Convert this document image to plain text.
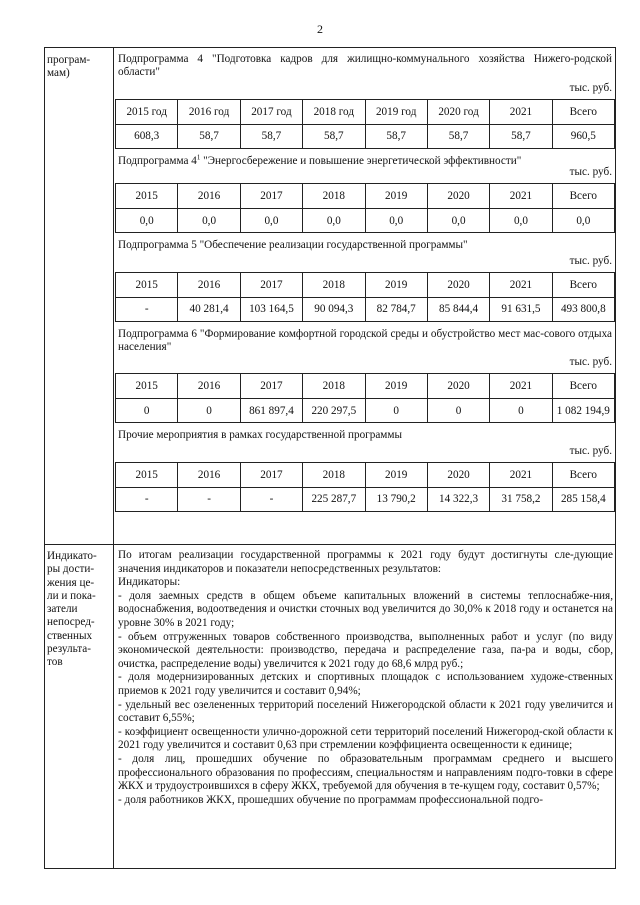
2
програм-
мам)
Индикато-
ры дости-
жения це-
ли и пока-
затели
непосред-
ственных
результа-
тов
Подпрограмма 4 "Подготовка кадров для жилищно-коммунального хозяйства Нижего-родской области"
тыс. руб.
2015 год	2016 год	2017 год	2018 год	2019 год	2020 год	2021	Всего
608,3	58,7	58,7	58,7	58,7	58,7	58,7	960,5
Подпрограмма $4^1$ "Энергосбережение и повышение энергетической эффективности"
тыс. руб.
2015	2016	2017	2018	2019	2020	2021	Всего
0,0	0,0	0,0	0,0	0,0	0,0	0,0	0,0
Подпрограмма 5 "Обеспечение реализации государственной программы"
тыс. руб.
2015	2016	2017	2018	2019	2020	2021	Всего
-	40 281,4	103 164,5	90 094,3	82 784,7	85 844,4	91 631,5	493 800,8
Подпрограмма 6 "Формирование комфортной городской среды и обустройство мест мас-сового отдыха населения"
тыс. руб.
2015	2016	2017	2018	2019	2020	2021	Всего
0	0	861 897,4	220 297,5	0	0	0	1 082 194,9
Прочие мероприятия в рамках государственной программы
тыс. руб.
2015	2016	2017	2018	2019	2020	2021	Всего
-	-	-	225 287,7	13 790,2	14 322,3	31 758,2	285 158,4

По итогам реализации государственной программы к 2021 году будут достигнуты сле-дующие значения индикаторов и показатели непосредственных результатов:

Индикаторы:

- доля заемных средств в общем объеме капитальных вложений в системы теплоснабже-ния, водоснабжения, водоотведения и очистки сточных вод увеличится до 30,0% к 2018 году и останется на уровне 30% в 2021 году;

- объем отгруженных товаров собственного производства, выполненных работ и услуг (по виду экономической деятельности: производство, передача и распределение газа, па-ра и воды, сбор, очистка, распределение воды) увеличится к 2021 году до 68,6 млрд руб.;

- доля модернизированных детских и спортивных площадок с использованием художе-ственных приемов к 2021 году увеличится и составит 0,94%;

- удельный вес озелененных территорий поселений Нижегородской области к 2021 году увеличится и составит 6,55%;

- коэффициент освещенности улично-дорожной сети территорий поселений Нижегород-ской области к 2021 году увеличится и составит 0,63 при стремлении коэффициента освещенности к единице;

- доля лиц, прошедших обучение по образовательным программам среднего и высшего профессионального образования по профессиям, специальностям и направлениям подго-товки в сфере ЖКХ и трудоустроившихся в сферу ЖКХ, требуемой для обучения в те-кущем году, составит 0,57%;

- доля работников ЖКХ, прошедших обучение по программам профессиональной подго-
